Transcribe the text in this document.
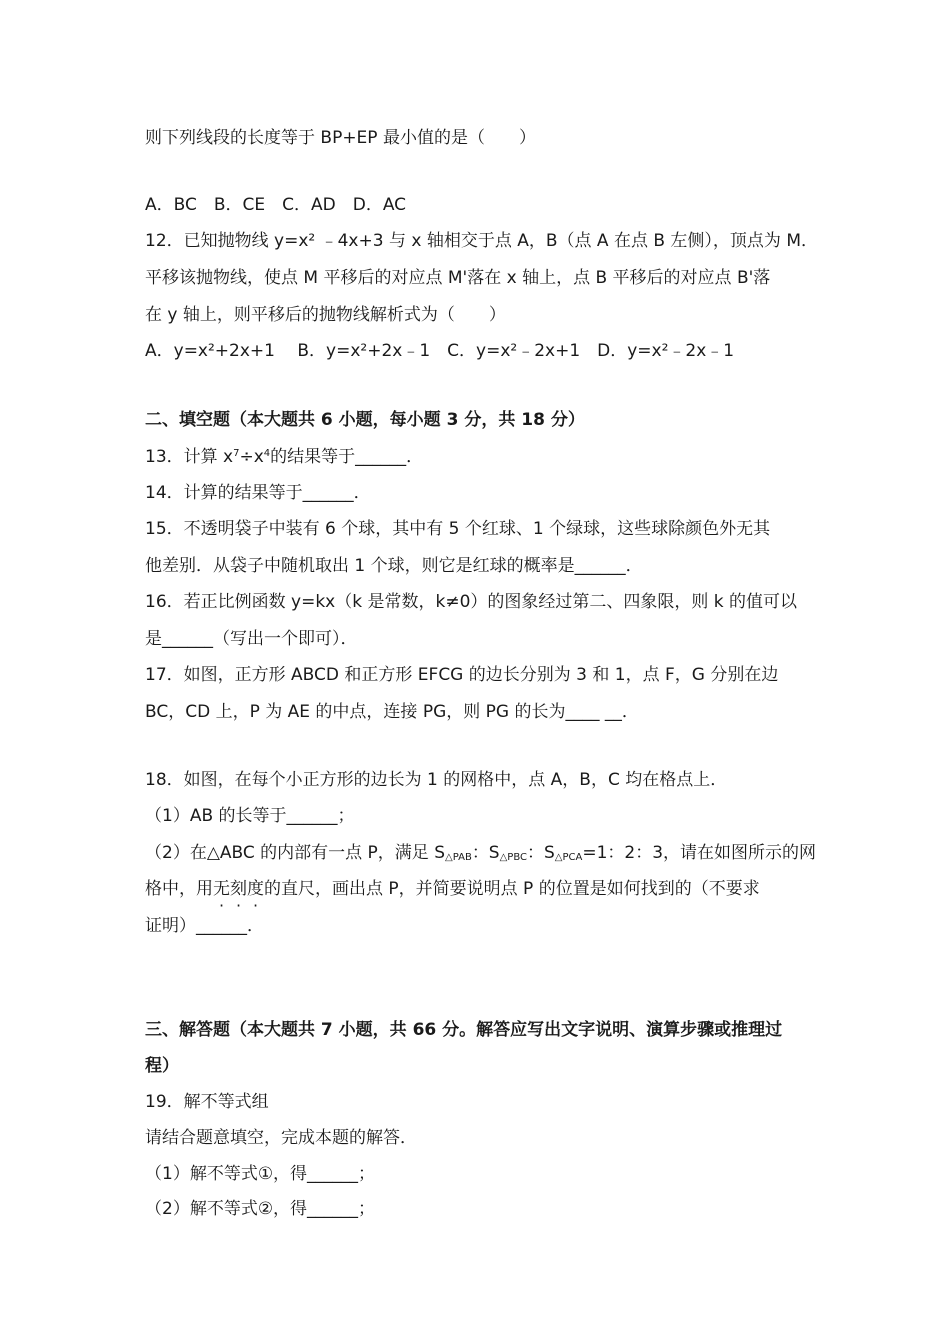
则下列线段的长度等于 BP+EP 最小值的是（　　）
A．BC　B．CE　C．AD　D．AC
12．已知抛物线 y=x² ﹣4x+3 与 x 轴相交于点 A，B（点 A 在点 B 左侧），顶点为 M．
平移该抛物线，使点 M 平移后的对应点 M'落在 x 轴上，点 B 平移后的对应点 B'落
在 y 轴上，则平移后的抛物线解析式为（　　）
A．y=x²+2x+1　 B．y=x²+2x﹣1　C．y=x²﹣2x+1　D．y=x²﹣2x﹣1
二、填空题（本大题共 6 小题，每小题 3 分，共 18 分）
13．计算 $x^7\div x^4$的结果等于______．
14．计算的结果等于______．
15．不透明袋子中装有 6 个球，其中有 5 个红球、1 个绿球，这些球除颜色外无其
他差别．从袋子中随机取出 1 个球，则它是红球的概率是______．
16．若正比例函数 y=kx（k 是常数，k≠0）的图象经过第二、四象限，则 k 的值可以
是______（写出一个即可）．
17．如图，正方形 ABCD 和正方形 EFCG 的边长分别为 3 和 1，点 F，G 分别在边
BC，CD 上，P 为 AE 的中点，连接 PG，则 PG 的长为____ __．
18．如图，在每个小正方形的边长为 1 的网格中，点 A，B，C 均在格点上．
（1）AB 的长等于______；
（2）在△ABC 的内部有一点 P，满足 $S_{\triangle PAB}$：$S_{\triangle PBC}$：$S_{\triangle PCA}=1$：2：3，请在如图所示的网
格中，用无刻度的直尺，画出点 P，并简要说明点 P 的位置是如何找到的（不要求
证明）______．
三、解答题（本大题共 7 小题，共 66 分。解答应写出文字说明、演算步骤或推理过
程）
19．解不等式组
请结合题意填空，完成本题的解答．
（1）解不等式①，得______；
（2）解不等式②，得______；
